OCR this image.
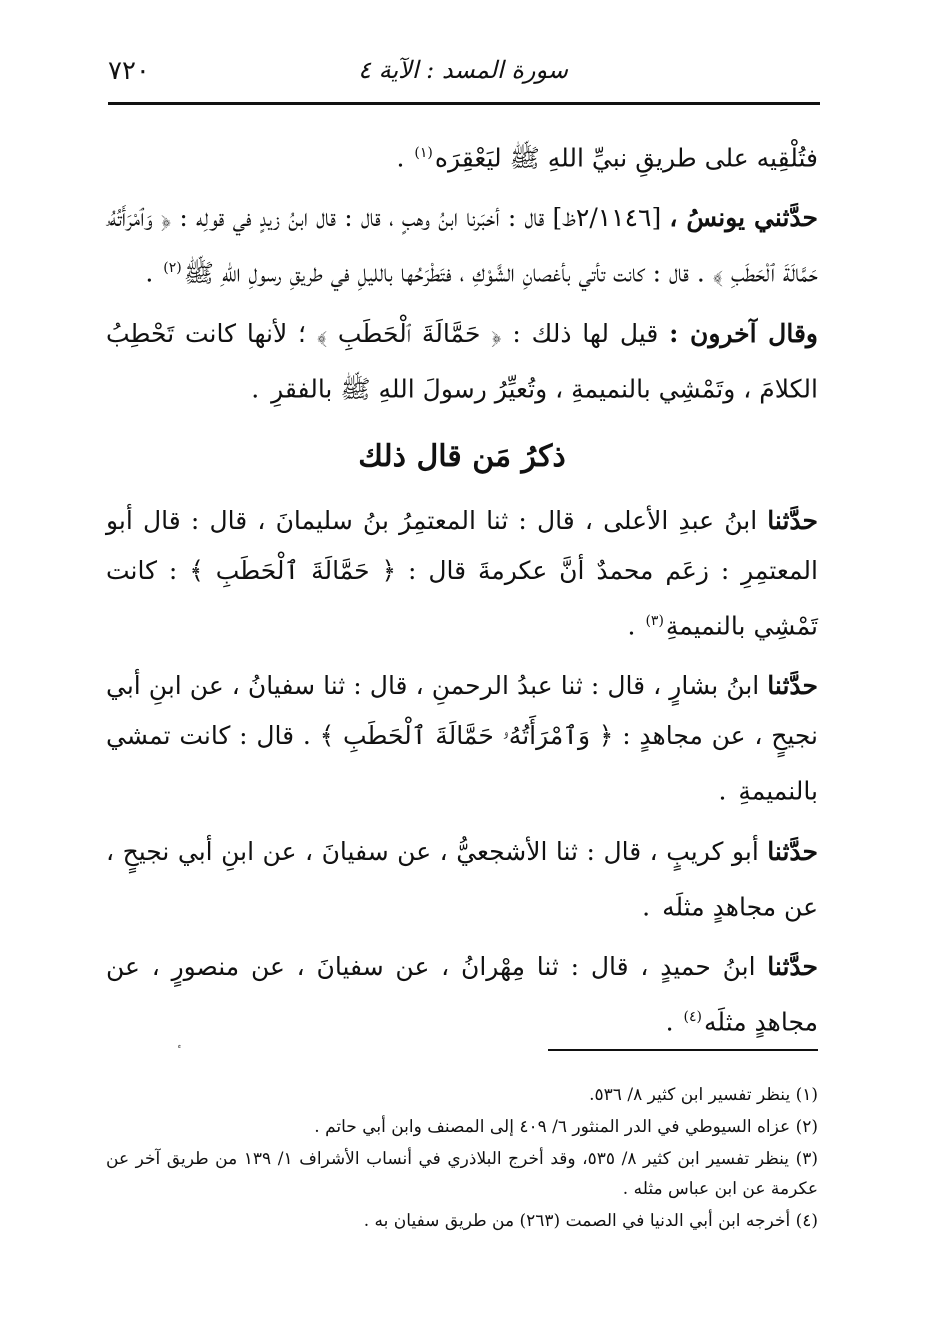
٧٢٠	سورة المسد : الآية ٤

فتُلْقِيه على طريقِ نبيِّ اللهِ ﷺ ليَعْقِرَه$^{(١)}$ .

حدَّثني يونسُ ، [٢/١١٤٦ظ] قال : أخبَرنا ابنُ وهبٍ ، قال : قال ابنُ زيدٍ في قولِه : ﴿ وَٱمْرَأَتُهُۥ حَمَّالَةَ ٱلْحَطَبِ ﴾ . قال : كانت تأتي بأغصانِ الشَّوْكِ ، فتَطْرَحُها بالليلِ في طريقِ رسولِ اللهِ ﷺ$^{(٢)}$ .

وقال آخرون : قيل لها ذلك : ﴿ حَمَّالَةَ ٱلْحَطَبِ ﴾ ؛ لأنها كانت تَحْطِبُ الكلامَ ، وتَمْشِي بالنميمةِ ، وتُعيِّرُ رسولَ اللهِ ﷺ بالفقرِ .

ذكرُ مَن قال ذلك

حدَّثنا ابنُ عبدِ الأعلى ، قال : ثنا المعتمِرُ بنُ سليمانَ ، قال : قال أبو المعتمِرِ : زعَم محمدٌ أنَّ عكرمةَ قال : ﴿ حَمَّالَةَ ٱلْحَطَبِ ﴾ : كانت تَمْشِي بالنميمةِ$^{(٣)}$ .

حدَّثنا ابنُ بشارٍ ، قال : ثنا عبدُ الرحمنِ ، قال : ثنا سفيانُ ، عن ابنِ أبي نجيحٍ ، عن مجاهدٍ : ﴿ وَٱمْرَأَتُهُۥ حَمَّالَةَ ٱلْحَطَبِ ﴾ . قال : كانت تمشي بالنميمةِ .

حدَّثنا أبو كريبٍ ، قال : ثنا الأشجعيُّ ، عن سفيانَ ، عن ابنِ أبي نجيحٍ ، عن مجاهدٍ مثلَه .

حدَّثنا ابنُ حميدٍ ، قال : ثنا مِهْرانُ ، عن سفيانَ ، عن منصورٍ ، عن مجاهدٍ مثلَه$^{(٤)}$ .

(١) ينظر تفسير ابن كثير ٨/ ٥٣٦.
(٢) عزاه السيوطي في الدر المنثور ٦/ ٤٠٩ إلى المصنف وابن أبي حاتم .
(٣) ينظر تفسير ابن كثير ٨/ ٥٣٥، وقد أخرج البلاذري في أنساب الأشراف ١/ ١٣٩ من طريق آخر عن عكرمة عن ابن عباس مثله .
(٤) أخرجه ابن أبي الدنيا في الصمت (٢٦٣) من طريق سفيان به .
